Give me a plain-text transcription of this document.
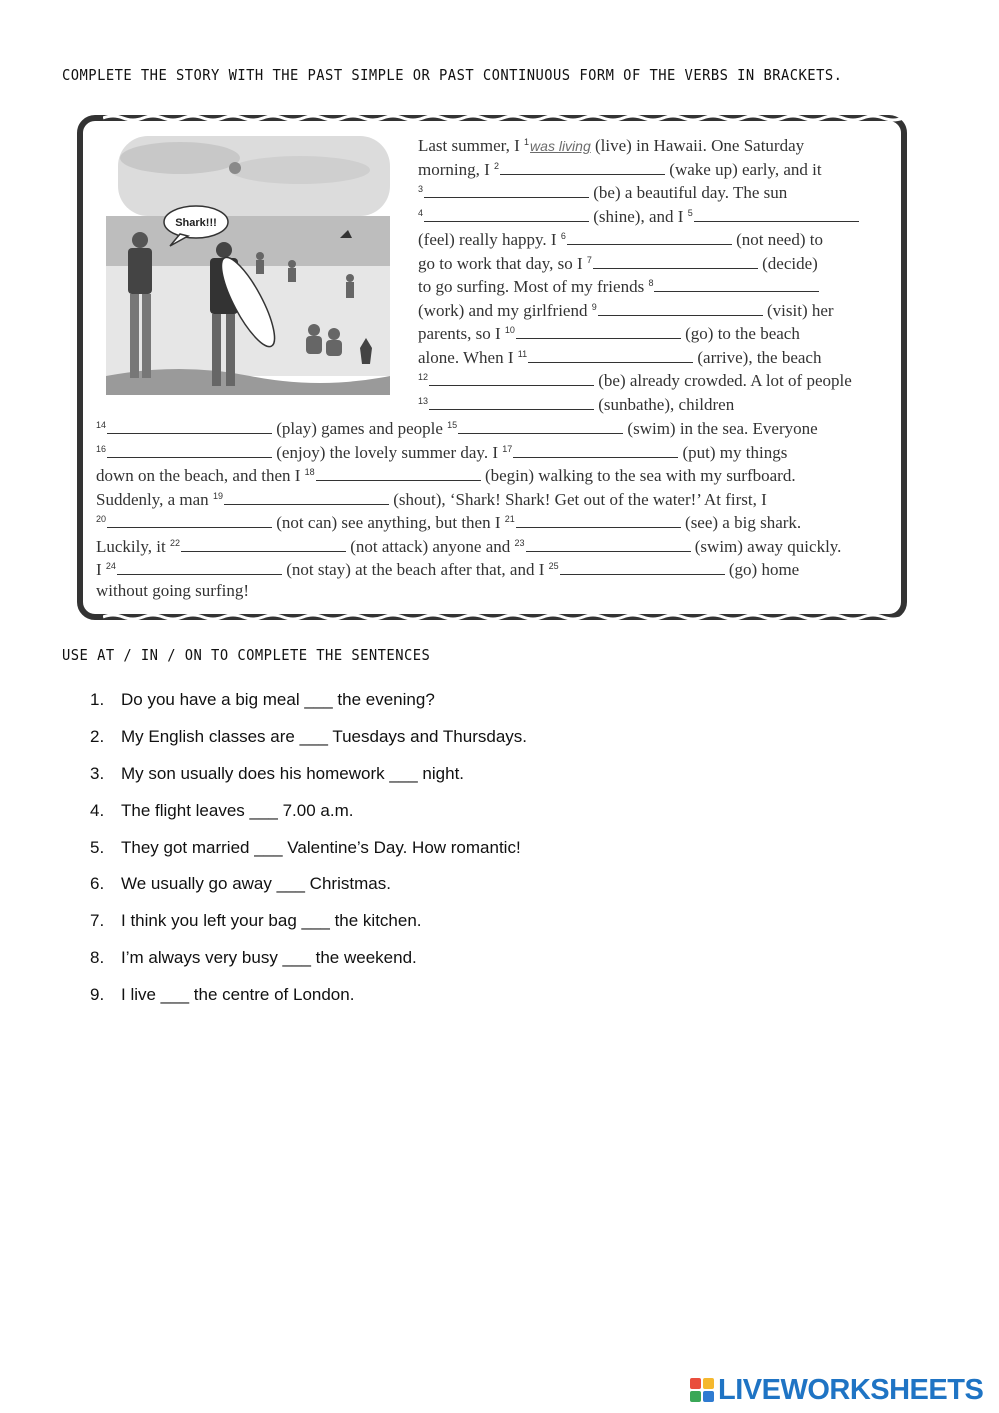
COMPLETE THE STORY WITH THE PAST SIMPLE OR PAST CONTINUOUS FORM OF THE VERBS IN BRACKETS.
Shark!!!
Last summer, I $^1$was living (live) in Hawaii. One Saturday
morning, I $^2$	(wake up) early, and it
$^3$	(be) a beautiful day. The sun
$^4$	(shine), and I $^5$
(feel) really happy. I $^6$	(not need) to
go to work that day, so I $^7$	(decide)
to go surfing. Most of my friends $^8$
(work) and my girlfriend $^9$	(visit) her
parents, so I $^{10}$	(go) to the beach
alone. When I $^{11}$	(arrive), the beach
$^{12}$	(be) already crowded. A lot of people
$^{13}$	(sunbathe), children
$^{14}$	(play) games and people $^{15}$	(swim) in the sea. Everyone
$^{16}$	(enjoy) the lovely summer day. I $^{17}$	(put) my things
down on the beach, and then I $^{18}$	(begin) walking to the sea with my surfboard.
Suddenly, a man $^{19}$	(shout), ‘Shark! Shark! Get out of the water!’ At first, I
$^{20}$	(not can) see anything, but then I $^{21}$	(see) a big shark.
Luckily, it $^{22}$	(not attack) anyone and $^{23}$	(swim) away quickly.
I $^{24}$	(not stay) at the beach after that, and I $^{25}$	(go) home
without going surfing!
USE AT / IN / ON TO COMPLETE THE SENTENCES
1. Do you have a big meal ___ the evening?
2. My English classes are ___ Tuesdays and Thursdays.
3. My son usually does his homework ___ night.
4. The flight leaves ___ 7.00 a.m.
5. They got married ___ Valentine’s Day. How romantic!
6. We usually go away ___ Christmas.
7. I think you left your bag ___ the kitchen.
8. I’m always very busy ___ the weekend.
9. I live ___ the centre of London.
LIVEWORKSHEETS
